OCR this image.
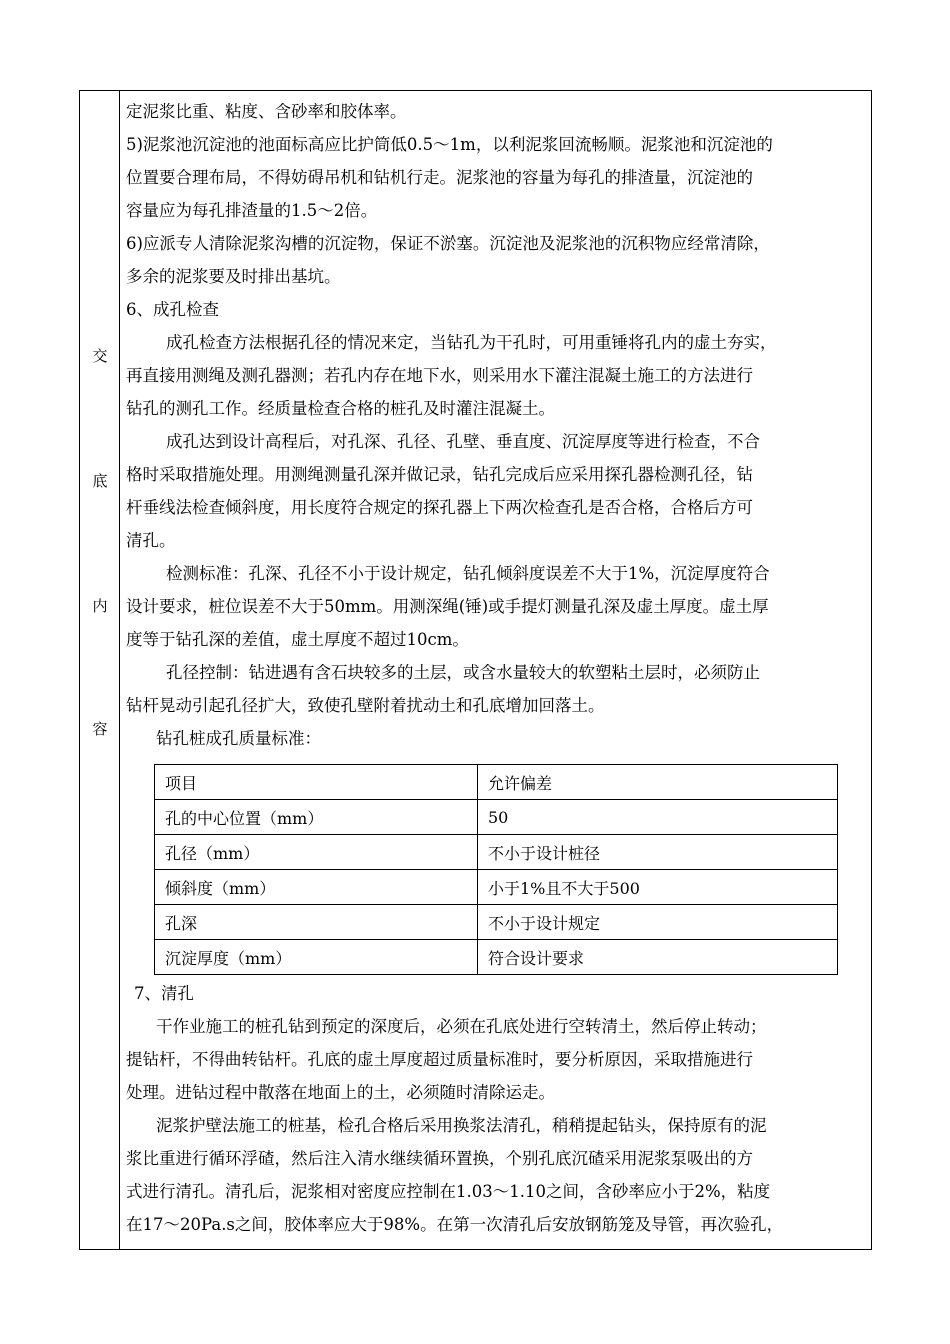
交
底
内
容
定泥浆比重、粘度、含砂率和胶体率。
5)泥浆池沉淀池的池面标高应比护筒低0.5～1m，以利泥浆回流畅顺。泥浆池和沉淀池的
位置要合理布局，不得妨碍吊机和钻机行走。泥浆池的容量为每孔的排渣量，沉淀池的
容量应为每孔排渣量的1.5～2倍。
6)应派专人清除泥浆沟槽的沉淀物，保证不淤塞。沉淀池及泥浆池的沉积物应经常清除，
多余的泥浆要及时排出基坑。
6、成孔检查
成孔检查方法根据孔径的情况来定，当钻孔为干孔时，可用重锤将孔内的虚土夯实，
再直接用测绳及测孔器测；若孔内存在地下水，则采用水下灌注混凝土施工的方法进行
钻孔的测孔工作。经质量检查合格的桩孔及时灌注混凝土。
成孔达到设计高程后，对孔深、孔径、孔壁、垂直度、沉淀厚度等进行检查，不合
格时采取措施处理。用测绳测量孔深并做记录，钻孔完成后应采用探孔器检测孔径，钻
杆垂线法检查倾斜度，用长度符合规定的探孔器上下两次检查孔是否合格，合格后方可
清孔。
检测标准：孔深、孔径不小于设计规定，钻孔倾斜度误差不大于1%，沉淀厚度符合
设计要求，桩位误差不大于50mm。用测深绳(锤)或手提灯测量孔深及虚土厚度。虚土厚
度等于钻孔深的差值，虚土厚度不超过10cm。
孔径控制：钻进遇有含石块较多的土层，或含水量较大的软塑粘土层时，必须防止
钻杆晃动引起孔径扩大，致使孔壁附着扰动土和孔底增加回落土。
钻孔桩成孔质量标准：
7、清孔
干作业施工的桩孔钻到预定的深度后，必须在孔底处进行空转清土，然后停止转动；
提钻杆，不得曲转钻杆。孔底的虚土厚度超过质量标准时，要分析原因，采取措施进行
处理。进钻过程中散落在地面上的土，必须随时清除运走。
泥浆护壁法施工的桩基，检孔合格后采用换浆法清孔，稍稍提起钻头，保持原有的泥
浆比重进行循环浮碴，然后注入清水继续循环置换，个别孔底沉碴采用泥浆泵吸出的方
式进行清孔。清孔后，泥浆相对密度应控制在1.03～1.10之间，含砂率应小于2%，粘度
在17～20Pa.s之间，胶体率应大于98%。在第一次清孔后安放钢筋笼及导管，再次验孔，
项目	允许偏差
孔的中心位置（mm）	50
孔径（mm）	不小于设计桩径
倾斜度（mm）	小于1%且不大于500
孔深	不小于设计规定
沉淀厚度（mm）	符合设计要求
